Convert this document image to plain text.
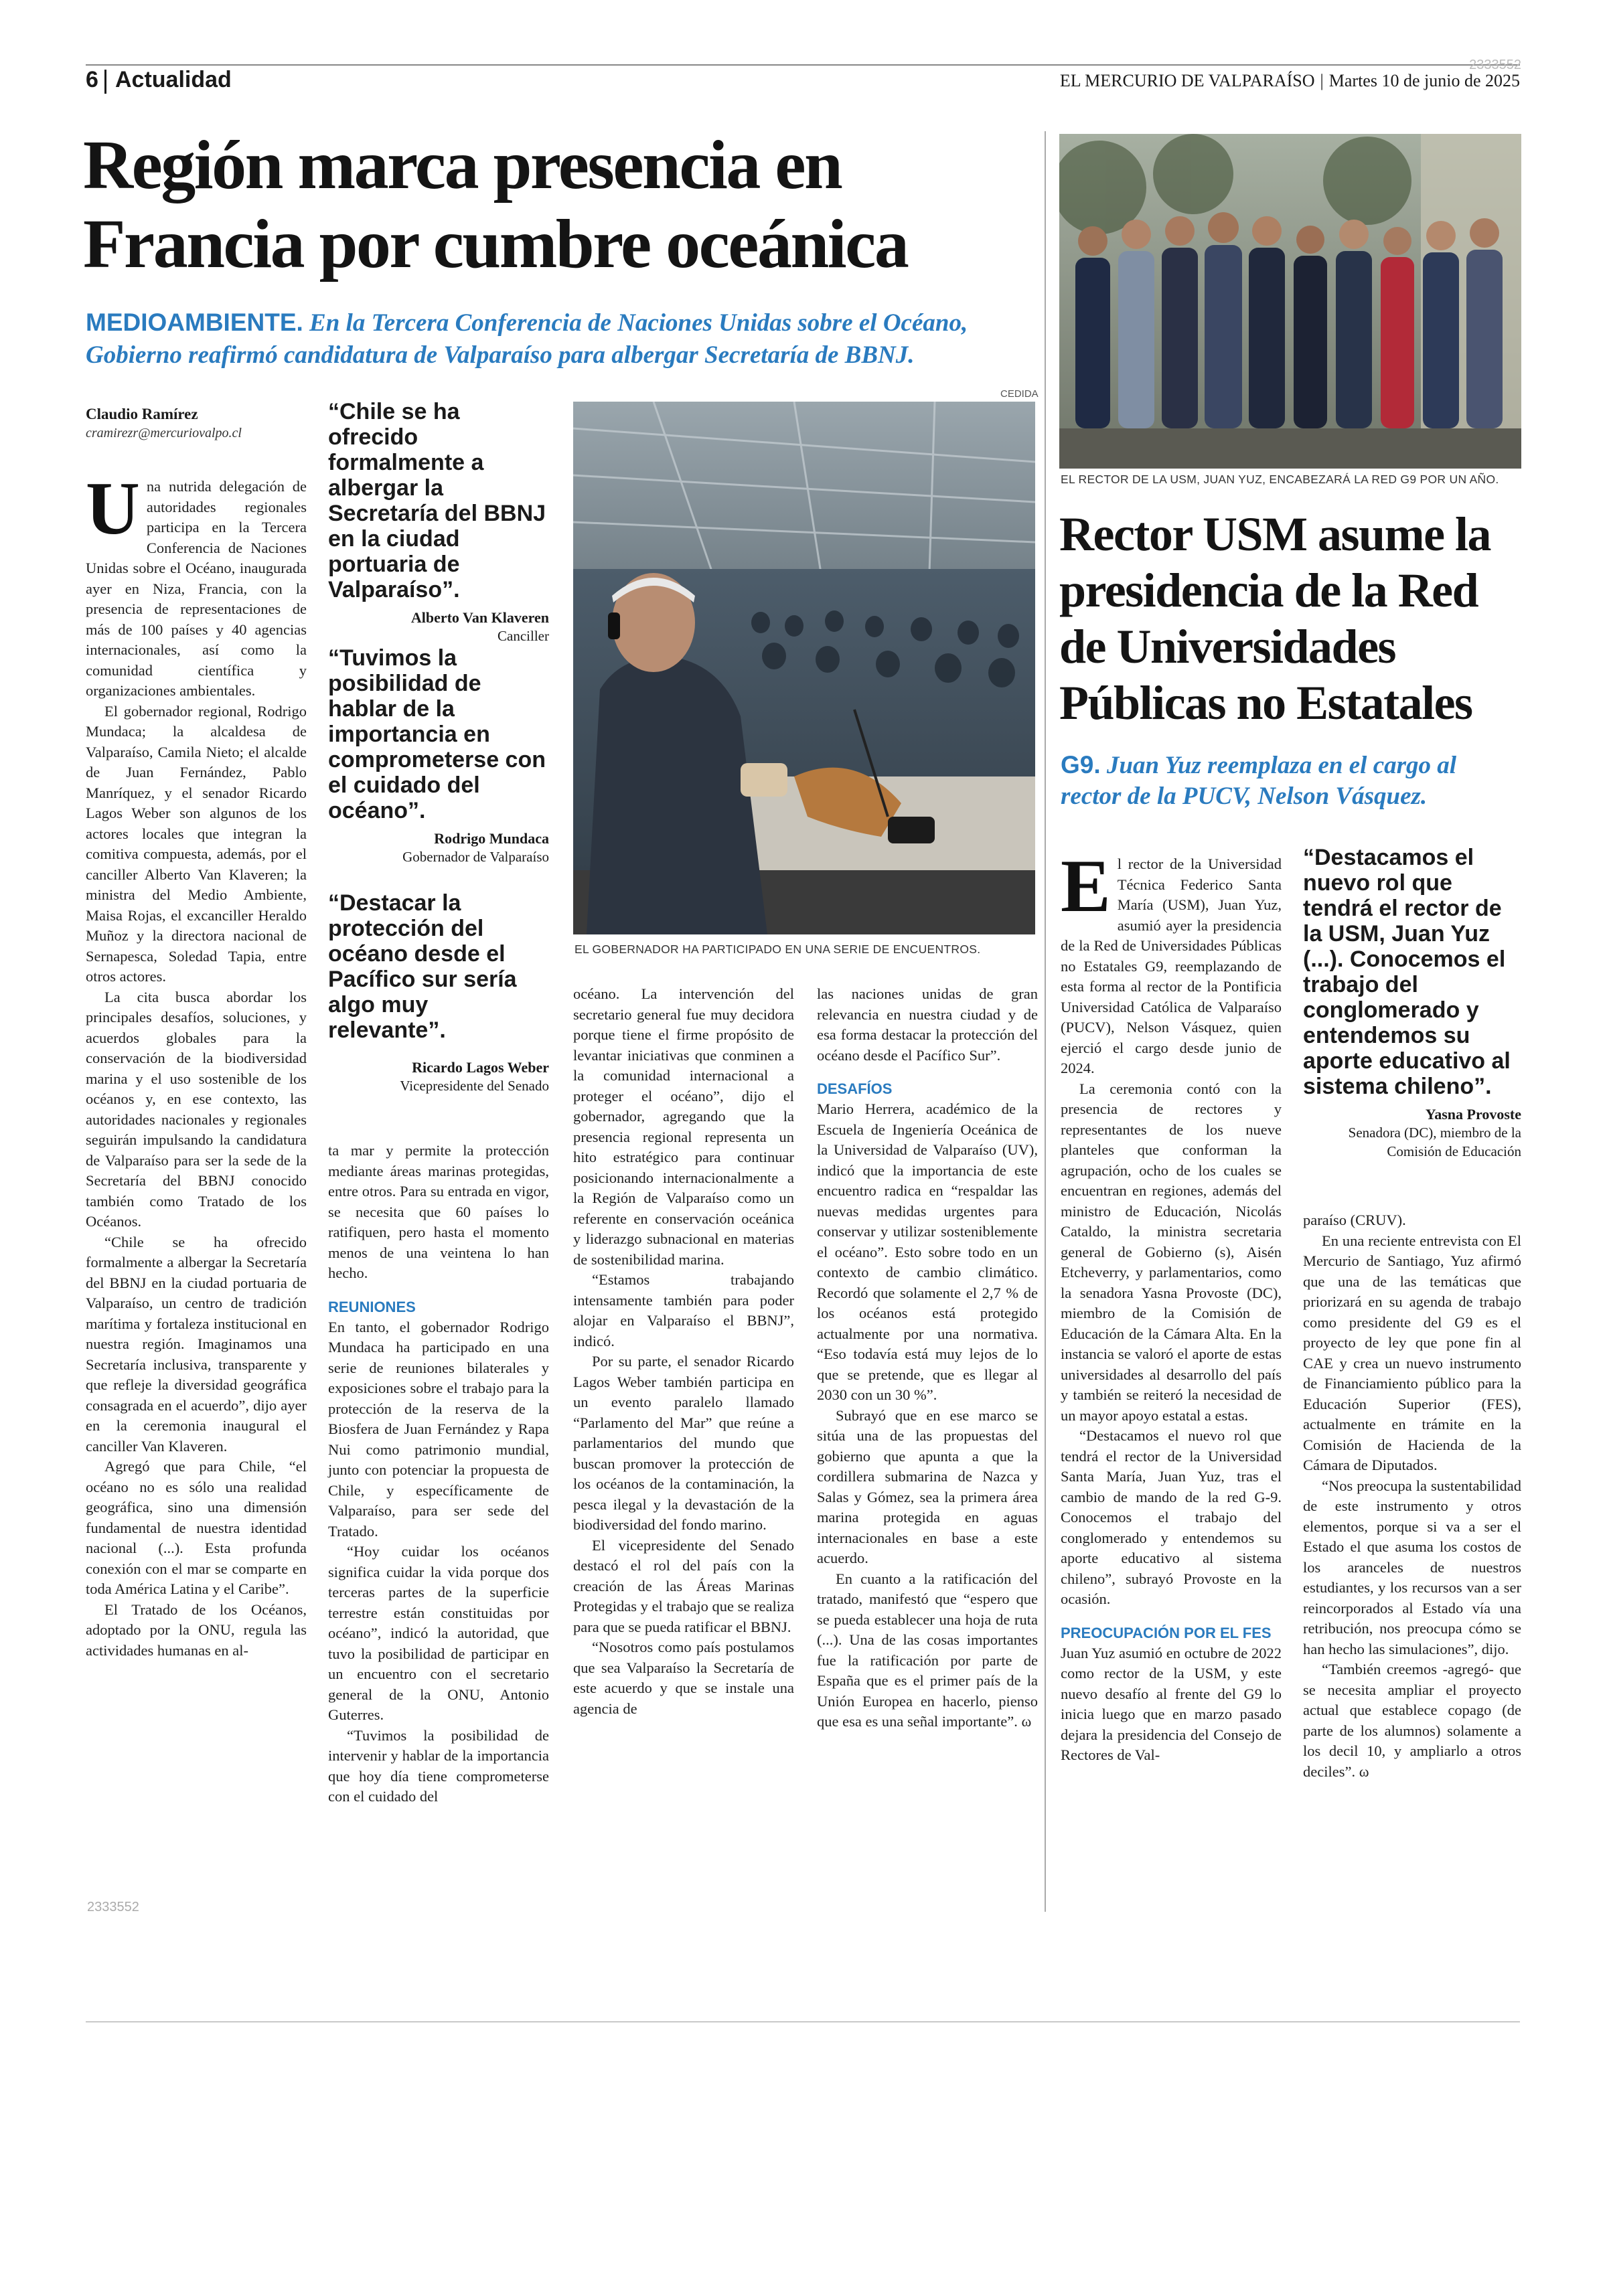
6 Actualidad	EL MERCURIO DE VALPARAÍSO | Martes 10 de junio de 2025
2333552
Región marca presencia en Francia por cumbre oceánica
MEDIOAMBIENTE. En la Tercera Conferencia de Naciones Unidas sobre el Océano, Gobierno reafirmó candidatura de Valparaíso para albergar Secretaría de BBNJ.
Claudio Ramírez
cramirezr@mercuriovalpo.cl

Una nutrida delegación de autoridades regionales participa en la Tercera Conferencia de Naciones Unidas sobre el Océano, inaugurada ayer en Niza, Francia, con la presencia de representaciones de más de 100 países y 40 agencias internacionales, así como la comunidad científica y organizaciones ambientales.

El gobernador regional, Rodrigo Mundaca; la alcaldesa de Valparaíso, Camila Nieto; el alcalde de Juan Fernández, Pablo Manríquez, y el senador Ricardo Lagos Weber son algunos de los actores locales que integran la comitiva compuesta, además, por el canciller Alberto Van Klaveren; la ministra del Medio Ambiente, Maisa Rojas, el excanciller Heraldo Muñoz y la directora nacional de Sernapesca, Soledad Tapia, entre otros actores.

La cita busca abordar los principales desafíos, soluciones, y acuerdos globales para la conservación de la biodiversidad marina y el uso sostenible de los océanos y, en ese contexto, las autoridades nacionales y regionales seguirán impulsando la candidatura de Valparaíso para ser la sede de la Secretaría del BBNJ conocido también como Tratado de los Océanos.

“Chile se ha ofrecido formalmente a albergar la Secretaría del BBNJ en la ciudad portuaria de Valparaíso, un centro de tradición marítima y fortaleza institucional en nuestra región. Imaginamos una Secretaría inclusiva, transparente y que refleje la diversidad geográfica consagrada en el acuerdo”, dijo ayer en la ceremonia inaugural el canciller Van Klaveren.

Agregó que para Chile, “el océano no es sólo una realidad geográfica, sino una dimensión fundamental de nuestra identidad nacional (...). Esta profunda conexión con el mar se comparte en toda América Latina y el Caribe”.

El Tratado de los Océanos, adoptado por la ONU, regula las actividades humanas en al-

2333552
“Chile se ha ofrecido formalmente a albergar la Secretaría del BBNJ en la ciudad portuaria de Valparaíso”.
Alberto Van Klaveren
Canciller
“Tuvimos la posibilidad de hablar de la importancia en comprometerse con el cuidado del océano”.
Rodrigo Mundaca
Gobernador de Valparaíso
“Destacar la protección del océano desde el Pacífico sur sería algo muy relevante”.
Ricardo Lagos Weber
Vicepresidente del Senado

ta mar y permite la protección mediante áreas marinas protegidas, entre otros. Para su entrada en vigor, se necesita que 60 países lo ratifiquen, pero hasta el momento menos de una veintena lo han hecho.

REUNIONES

En tanto, el gobernador Rodrigo Mundaca ha participado en una serie de reuniones bilaterales y exposiciones sobre el trabajo para la protección de la reserva de la Biosfera de Juan Fernández y Rapa Nui como patrimonio mundial, junto con potenciar la propuesta de Chile, y específicamente de Valparaíso, para ser sede del Tratado.

“Hoy cuidar los océanos significa cuidar la vida porque dos terceras partes de la superficie terrestre están constituidas por océano”, indicó la autoridad, que tuvo la posibilidad de participar en un encuentro con el secretario general de la ONU, Antonio Guterres.

“Tuvimos la posibilidad de intervenir y hablar de la importancia que hoy día tiene comprometerse con el cuidado del

CEDIDA
EL GOBERNADOR HA PARTICIPADO EN UNA SERIE DE ENCUENTROS.

océano. La intervención del secretario general fue muy decidora porque tiene el firme propósito de levantar iniciativas que conminen a la comunidad internacional a proteger el océano”, dijo el gobernador, agregando que la presencia regional representa un hito estratégico para continuar posicionando internacionalmente a la Región de Valparaíso como un referente en conservación oceánica y liderazgo subnacional en materias de sostenibilidad marina.

“Estamos trabajando intensamente también para poder alojar en Valparaíso el BBNJ”, indicó.

Por su parte, el senador Ricardo Lagos Weber también participa en un evento paralelo llamado “Parlamento del Mar” que reúne a parlamentarios del mundo que buscan promover la protección de los océanos de la contaminación, la pesca ilegal y la devastación de la biodiversidad del fondo marino.

El vicepresidente del Senado destacó el rol del país con la creación de las Áreas Marinas Protegidas y el trabajo que se realiza para que se pueda ratificar el BBNJ.

“Nosotros como país postulamos que sea Valparaíso la Secretaría de este acuerdo y que se instale una agencia de

las naciones unidas de gran relevancia en nuestra ciudad y de esa forma destacar la protección del océano desde el Pacífico Sur”.

DESAFÍOS

Mario Herrera, académico de la Escuela de Ingeniería Oceánica de la Universidad de Valparaíso (UV), indicó que la importancia de este encuentro radica en “respaldar las nuevas medidas urgentes para conservar y utilizar sosteniblemente el océano”. Esto sobre todo en un contexto de cambio climático. Recordó que solamente el 2,7 % de los océanos está protegido actualmente por una normativa. “Eso todavía está muy lejos de lo que se pretende, que es llegar al 2030 con un 30 %”.

Subrayó que en ese marco se sitúa una de las propuestas del gobierno que apunta a que la cordillera submarina de Nazca y Salas y Gómez, sea la primera área marina protegida en aguas internacionales en base a este acuerdo.

En cuanto a la ratificación del tratado, manifestó que “espero que se pueda establecer una hoja de ruta (...). Una de las cosas importantes fue la ratificación por parte de España que es el primer país de la Unión Europea en hacerlo, pienso que esa es una señal importante”. ω

EL RECTOR DE LA USM, JUAN YUZ, ENCABEZARÁ LA RED G9 POR UN AÑO.
Rector USM asume la presidencia de la Red de Universidades Públicas no Estatales
G9. Juan Yuz reemplaza en el cargo al rector de la PUCV, Nelson Vásquez.

El rector de la Universidad Técnica Federico Santa María (USM), Juan Yuz, asumió ayer la presidencia de la Red de Universidades Públicas no Estatales G9, reemplazando de esta forma al rector de la Pontificia Universidad Católica de Valparaíso (PUCV), Nelson Vásquez, quien ejerció el cargo desde junio de 2024.

La ceremonia contó con la presencia de rectores y representantes de los nueve planteles que conforman la agrupación, ocho de los cuales se encuentran en regiones, además del ministro de Educación, Nicolás Cataldo, la ministra secretaria general de Gobierno (s), Aisén Etcheverry, y parlamentarios, como la senadora Yasna Provoste (DC), miembro de la Comisión de Educación de la Cámara Alta. En la instancia se valoró el aporte de estas universidades al desarrollo del país y también se reiteró la necesidad de un mayor apoyo estatal a estas.

“Destacamos el nuevo rol que tendrá el rector de la Universidad Santa María, Juan Yuz, tras el cambio de mando de la red G-9. Conocemos el trabajo del conglomerado y entendemos su aporte educativo al sistema chileno”, subrayó Provoste en la ocasión.

PREOCUPACIÓN POR EL FES

Juan Yuz asumió en octubre de 2022 como rector de la USM, y este nuevo desafío al frente del G9 lo inicia luego que en marzo pasado dejara la presidencia del Consejo de Rectores de Val-

“Destacamos el nuevo rol que tendrá el rector de la USM, Juan Yuz (...). Conocemos el trabajo del conglomerado y entendemos su aporte educativo al sistema chileno”.
Yasna Provoste
Senadora (DC), miembro de la Comisión de Educación

paraíso (CRUV).

En una reciente entrevista con El Mercurio de Santiago, Yuz afirmó que una de las temáticas que priorizará en su agenda de trabajo como presidente del G9 es el proyecto de ley que pone fin al CAE y crea un nuevo instrumento de Financiamiento público para la Educación Superior (FES), actualmente en trámite en la Comisión de Hacienda de la Cámara de Diputados.

“Nos preocupa la sustentabilidad de este instrumento y otros elementos, porque si va a ser el Estado el que asuma los costos de los aranceles de nuestros estudiantes, y los recursos van a ser reincorporados al Estado vía una retribución, nos preocupa cómo se han hecho las simulaciones”, dijo.

“También creemos -agregó- que se necesita ampliar el proyecto actual que establece copago (de parte de los alumnos) solamente a los decil 10, y ampliarlo a otros deciles”. ω
